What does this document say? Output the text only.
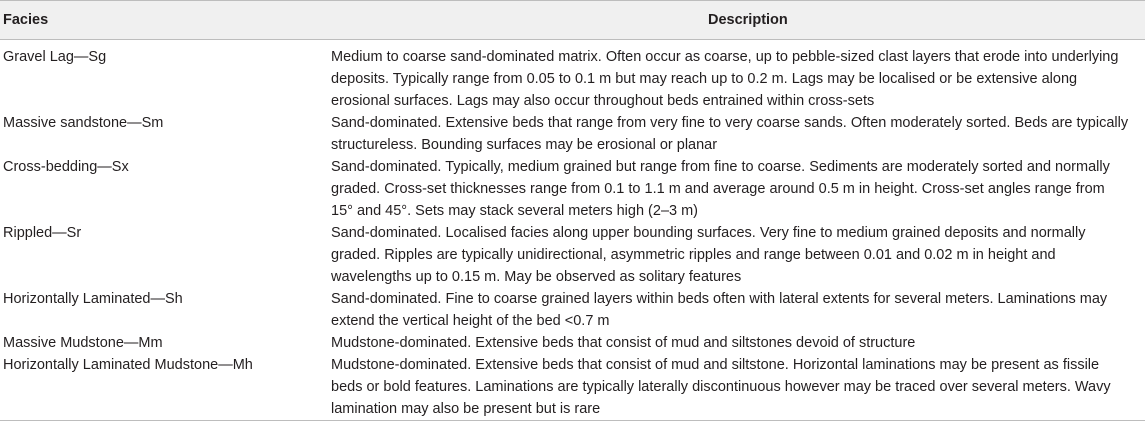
Facies	Description
Gravel Lag—Sg	Medium to coarse sand-dominated matrix. Often occur as coarse, up to pebble-sized clast layers that erode into underlying
deposits. Typically range from 0.05 to 0.1 m but may reach up to 0.2 m. Lags may be localised or be extensive along
erosional surfaces. Lags may also occur throughout beds entrained within cross-sets
Massive sandstone—Sm	Sand-dominated. Extensive beds that range from very fine to very coarse sands. Often moderately sorted. Beds are typically
structureless. Bounding surfaces may be erosional or planar
Cross-bedding—Sx	Sand-dominated. Typically, medium grained but range from fine to coarse. Sediments are moderately sorted and normally
graded. Cross-set thicknesses range from 0.1 to 1.1 m and average around 0.5 m in height. Cross-set angles range from
15° and 45°. Sets may stack several meters high (2–3 m)
Rippled—Sr	Sand-dominated. Localised facies along upper bounding surfaces. Very fine to medium grained deposits and normally
graded. Ripples are typically unidirectional, asymmetric ripples and range between 0.01 and 0.02 m in height and
wavelengths up to 0.15 m. May be observed as solitary features
Horizontally Laminated—Sh	Sand-dominated. Fine to coarse grained layers within beds often with lateral extents for several meters. Laminations may
extend the vertical height of the bed <0.7 m
Massive Mudstone—Mm	Mudstone-dominated. Extensive beds that consist of mud and siltstones devoid of structure
Horizontally Laminated Mudstone—Mh	Mudstone-dominated. Extensive beds that consist of mud and siltstone. Horizontal laminations may be present as fissile
beds or bold features. Laminations are typically laterally discontinuous however may be traced over several meters. Wavy
lamination may also be present but is rare
